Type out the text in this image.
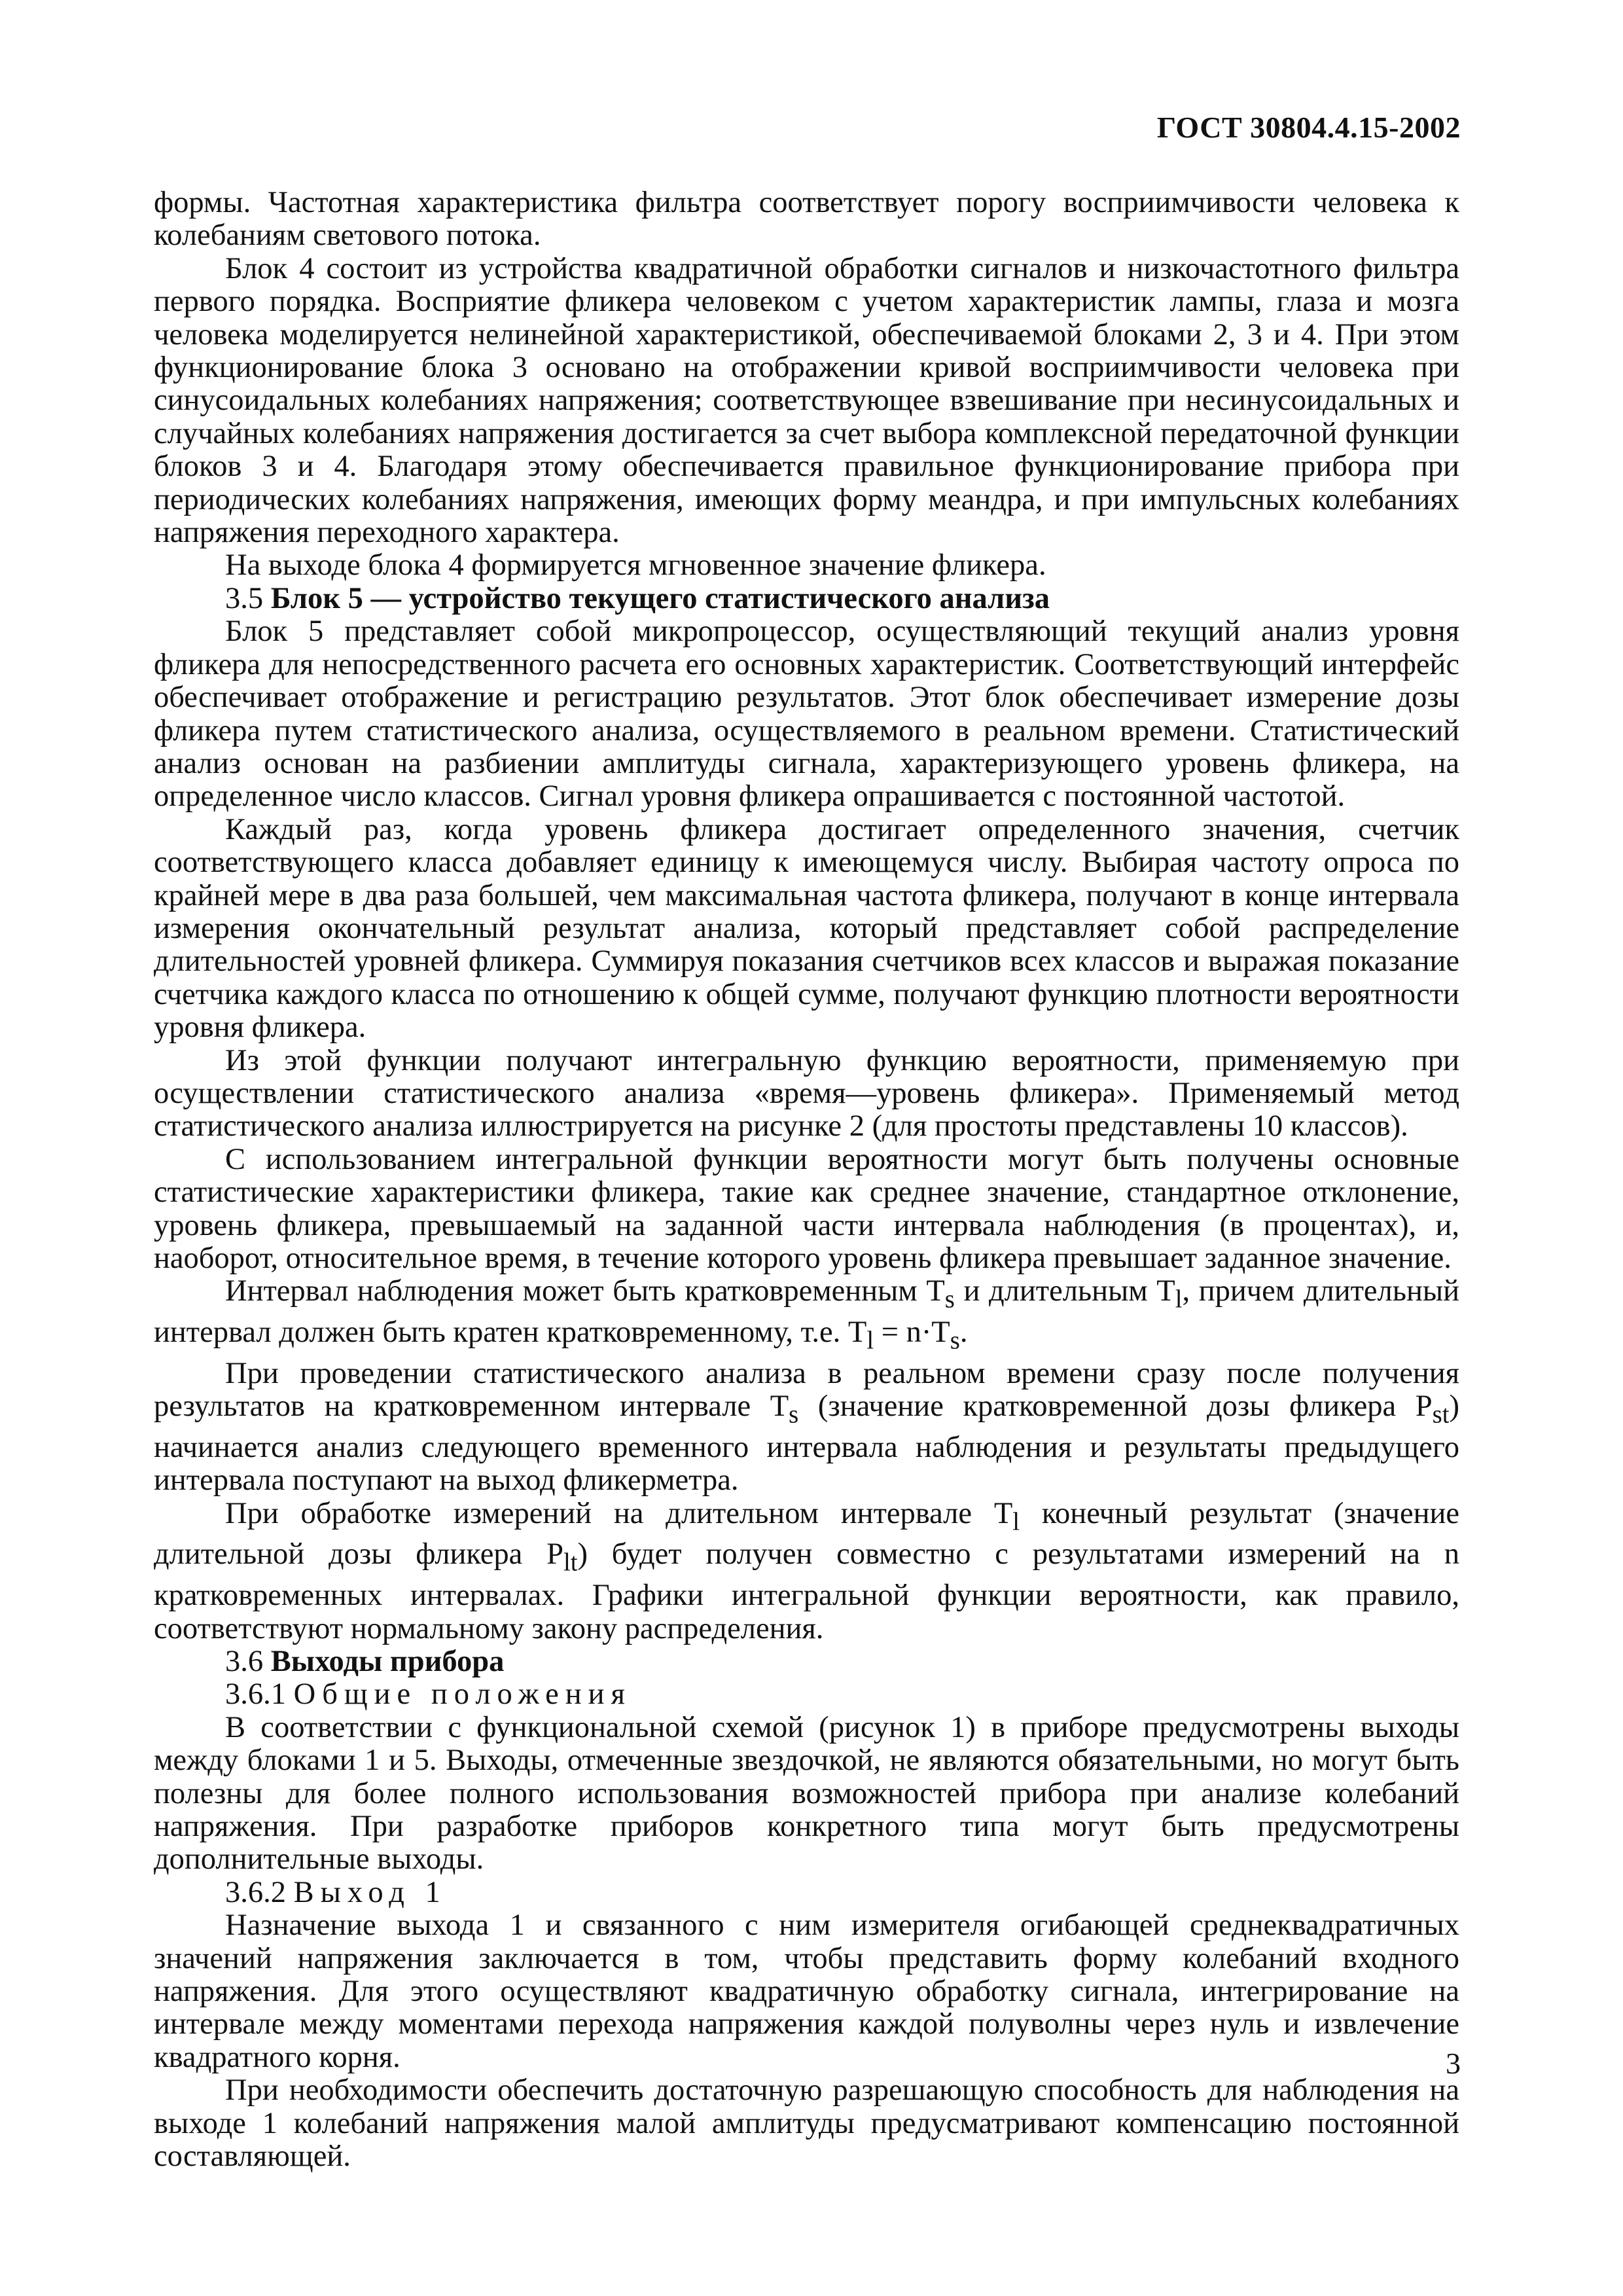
ГОСТ 30804.4.15-2002

формы. Частотная характеристика фильтра соответствует порогу восприимчивости человека к колебаниям светового потока.

Блок 4 состоит из устройства квадратичной обработки сигналов и низкочастотного фильтра первого порядка. Восприятие фликера человеком с учетом характеристик лампы, глаза и мозга человека моделируется нелинейной характеристикой, обеспечиваемой блоками 2, 3 и 4. При этом функционирование блока 3 основано на отображении кривой восприимчивости человека при синусоидальных колебаниях напряжения; соответствующее взвешивание при несинусоидальных и случайных колебаниях напряжения достигается за счет выбора комплексной передаточной функции блоков 3 и 4. Благодаря этому обеспечивается правильное функционирование прибора при периодических колебаниях напряжения, имеющих форму меандра, и при импульсных колебаниях напряжения переходного характера.

На выходе блока 4 формируется мгновенное значение фликера.

3.5 Блок 5 — устройство текущего статистического анализа

Блок 5 представляет собой микропроцессор, осуществляющий текущий анализ уровня фликера для непосредственного расчета его основных характеристик. Соответствующий интерфейс обеспечивает отображение и регистрацию результатов. Этот блок обеспечивает измерение дозы фликера путем статистического анализа, осуществляемого в реальном времени. Статистический анализ основан на разбиении амплитуды сигнала, характеризующего уровень фликера, на определенное число классов. Сигнал уровня фликера опрашивается с постоянной частотой.

Каждый раз, когда уровень фликера достигает определенного значения, счетчик соответствующего класса добавляет единицу к имеющемуся числу. Выбирая частоту опроса по крайней мере в два раза большей, чем максимальная частота фликера, получают в конце интервала измерения окончательный результат анализа, который представляет собой распределение длительностей уровней фликера. Суммируя показания счетчиков всех классов и выражая показание счетчика каждого класса по отношению к общей сумме, получают функцию плотности вероятности уровня фликера.

Из этой функции получают интегральную функцию вероятности, применяемую при осуществлении статистического анализа «время—уровень фликера». Применяемый метод статистического анализа иллюстрируется на рисунке 2 (для простоты представлены 10 классов).

С использованием интегральной функции вероятности могут быть получены основные статистические характеристики фликера, такие как среднее значение, стандартное отклонение, уровень фликера, превышаемый на заданной части интервала наблюдения (в процентах), и, наоборот, относительное время, в течение которого уровень фликера превышает заданное значение.

Интервал наблюдения может быть кратковременным $T_s$ и длительным $T_l$, причем длительный интервал должен быть кратен кратковременному, т.е. $T_l = n\cdot T_s$.

При проведении статистического анализа в реальном времени сразу после получения результатов на кратковременном интервале $T_s$ (значение кратковременной дозы фликера $P_{st}$) начинается анализ следующего временного интервала наблюдения и результаты предыдущего интервала поступают на выход фликерметра.

При обработке измерений на длительном интервале $T_l$ конечный результат (значение длительной дозы фликера $P_{lt}$) будет получен совместно с результатами измерений на n кратковременных интервалах. Графики интегральной функции вероятности, как правило, соответствуют нормальному закону распределения.

3.6 Выходы прибора

3.6.1 Общие положения

В соответствии с функциональной схемой (рисунок 1) в приборе предусмотрены выходы между блоками 1 и 5. Выходы, отмеченные звездочкой, не являются обязательными, но могут быть полезны для более полного использования возможностей прибора при анализе колебаний напряжения. При разработке приборов конкретного типа могут быть предусмотрены дополнительные выходы.

3.6.2 Выход 1

Назначение выхода 1 и связанного с ним измерителя огибающей среднеквадратичных значений напряжения заключается в том, чтобы представить форму колебаний входного напряжения. Для этого осуществляют квадратичную обработку сигнала, интегрирование на интервале между моментами перехода напряжения каждой полуволны через нуль и извлечение квадратного корня.

При необходимости обеспечить достаточную разрешающую способность для наблюдения на выходе 1 колебаний напряжения малой амплитуды предусматривают компенсацию постоянной составляющей.

3
